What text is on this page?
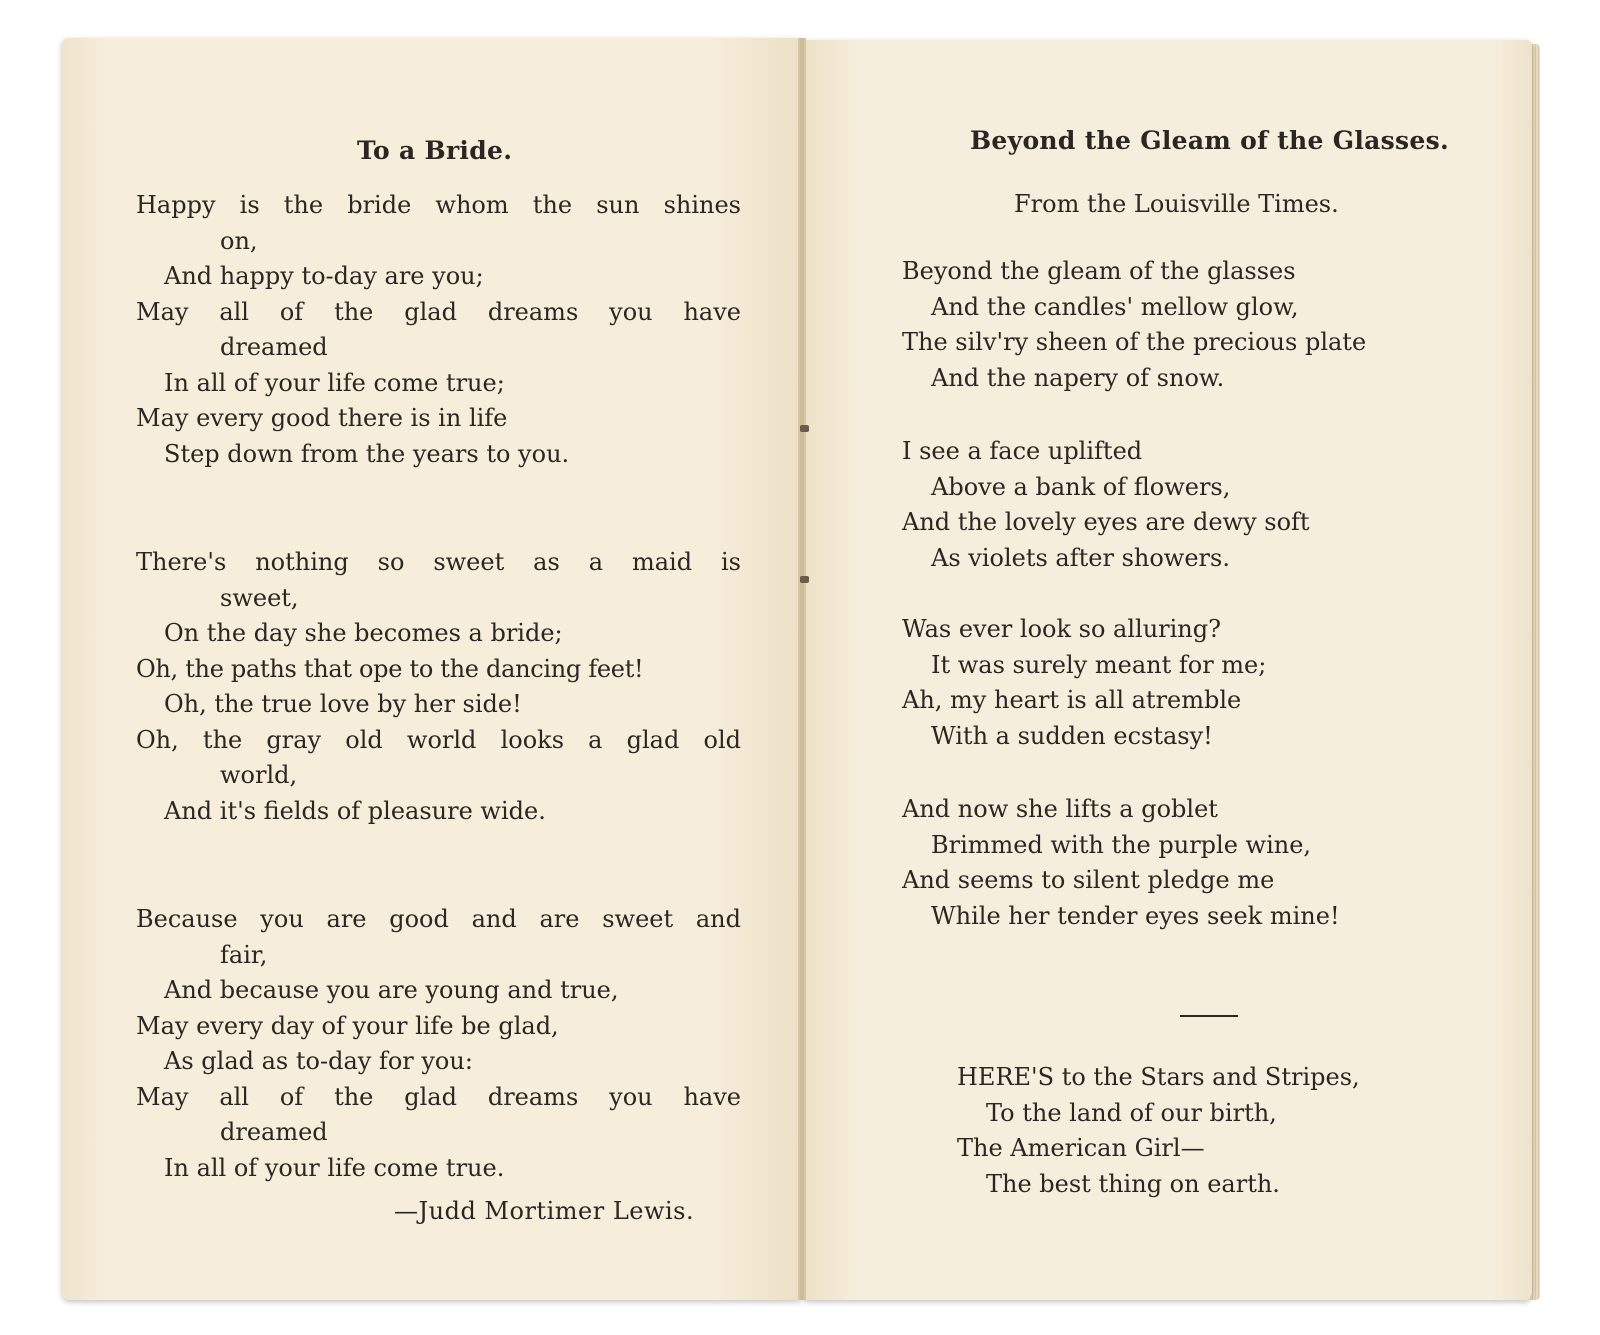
To a Bride.
Happy is the bride whom the sun shines
on,
And happy to-day are you;
May all of the glad dreams you have
dreamed
In all of your life come true;
May every good there is in life
Step down from the years to you.
There's nothing so sweet as a maid is
sweet,
On the day she becomes a bride;
Oh, the paths that ope to the dancing feet!
Oh, the true love by her side!
Oh, the gray old world looks a glad old
world,
And it's fields of pleasure wide.
Because you are good and are sweet and
fair,
And because you are young and true,
May every day of your life be glad,
As glad as to-day for you:
May all of the glad dreams you have
dreamed
In all of your life come true.
—Judd Mortimer Lewis.
Beyond the Gleam of the Glasses.
From the Louisville Times.
Beyond the gleam of the glasses
And the candles' mellow glow,
The silv'ry sheen of the precious plate
And the napery of snow.
I see a face uplifted
Above a bank of flowers,
And the lovely eyes are dewy soft
As violets after showers.
Was ever look so alluring?
It was surely meant for me;
Ah, my heart is all atremble
With a sudden ecstasy!
And now she lifts a goblet
Brimmed with the purple wine,
And seems to silent pledge me
While her tender eyes seek mine!
HERE'S to the Stars and Stripes,
To the land of our birth,
The American Girl—
The best thing on earth.
